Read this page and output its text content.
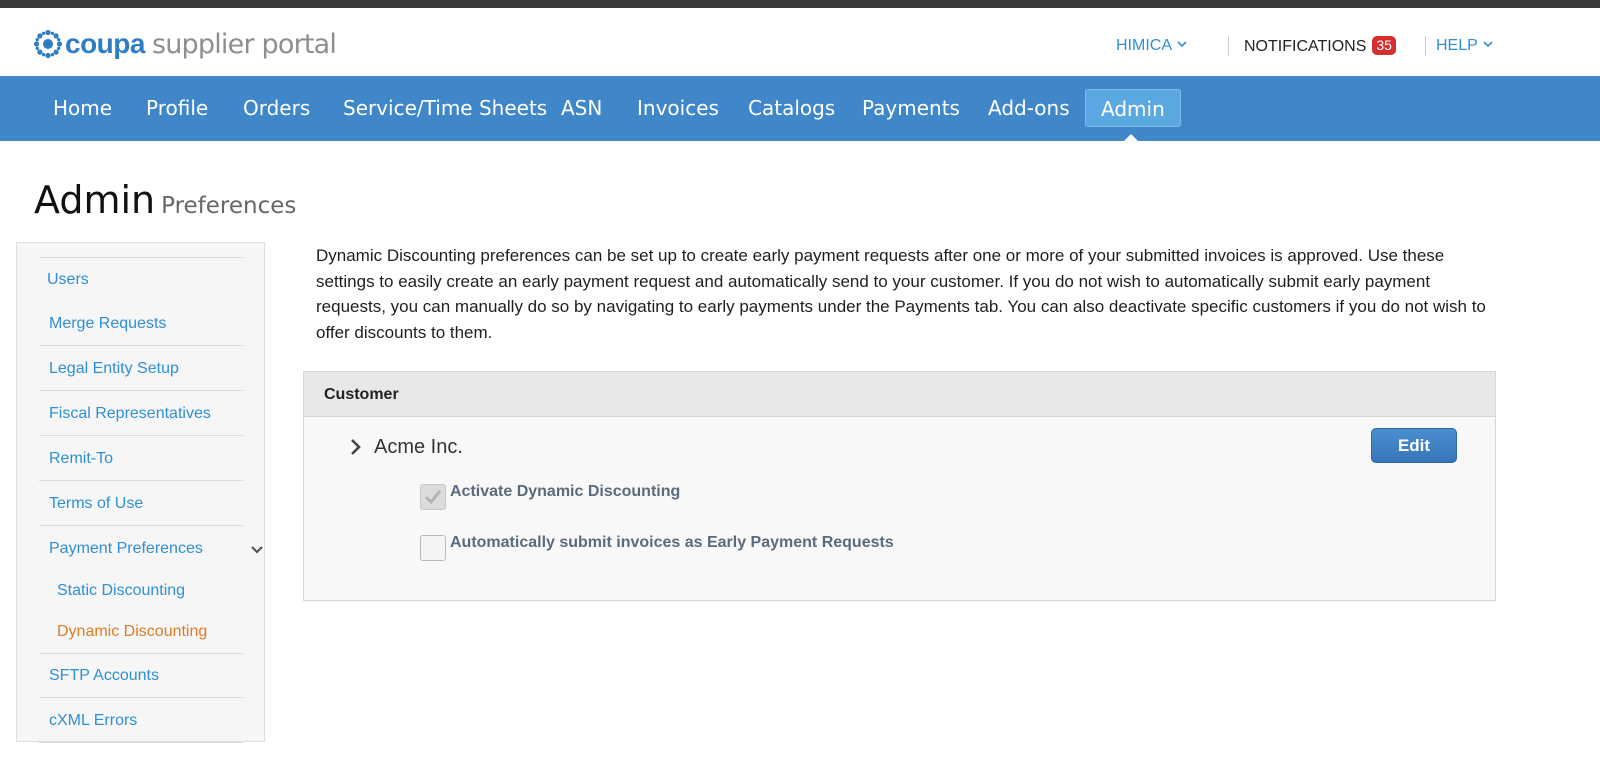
coupa supplier portal	HIMICA	NOTIFICATIONS 35	HELP
Home Profile Orders Service/Time Sheets ASN Invoices Catalogs Payments Add-ons	Admin
Admin Preferences
Users
Merge Requests
Legal Entity Setup
Fiscal Representatives
Remit-To
Terms of Use
Payment Preferences
Static Discounting
Dynamic Discounting
SFTP Accounts
cXML Errors

Dynamic Discounting preferences can be set up to create early payment requests after one or more of your submitted invoices is approved. Use these settings to easily create an early payment request and automatically send to your customer. If you do not wish to automatically submit early payment requests, you can manually do so by navigating to early payments under the Payments tab. You can also deactivate specific customers if you do not wish to offer discounts to them.

Customer
Acme Inc.	Edit
Activate Dynamic Discounting
Automatically submit invoices as Early Payment Requests
